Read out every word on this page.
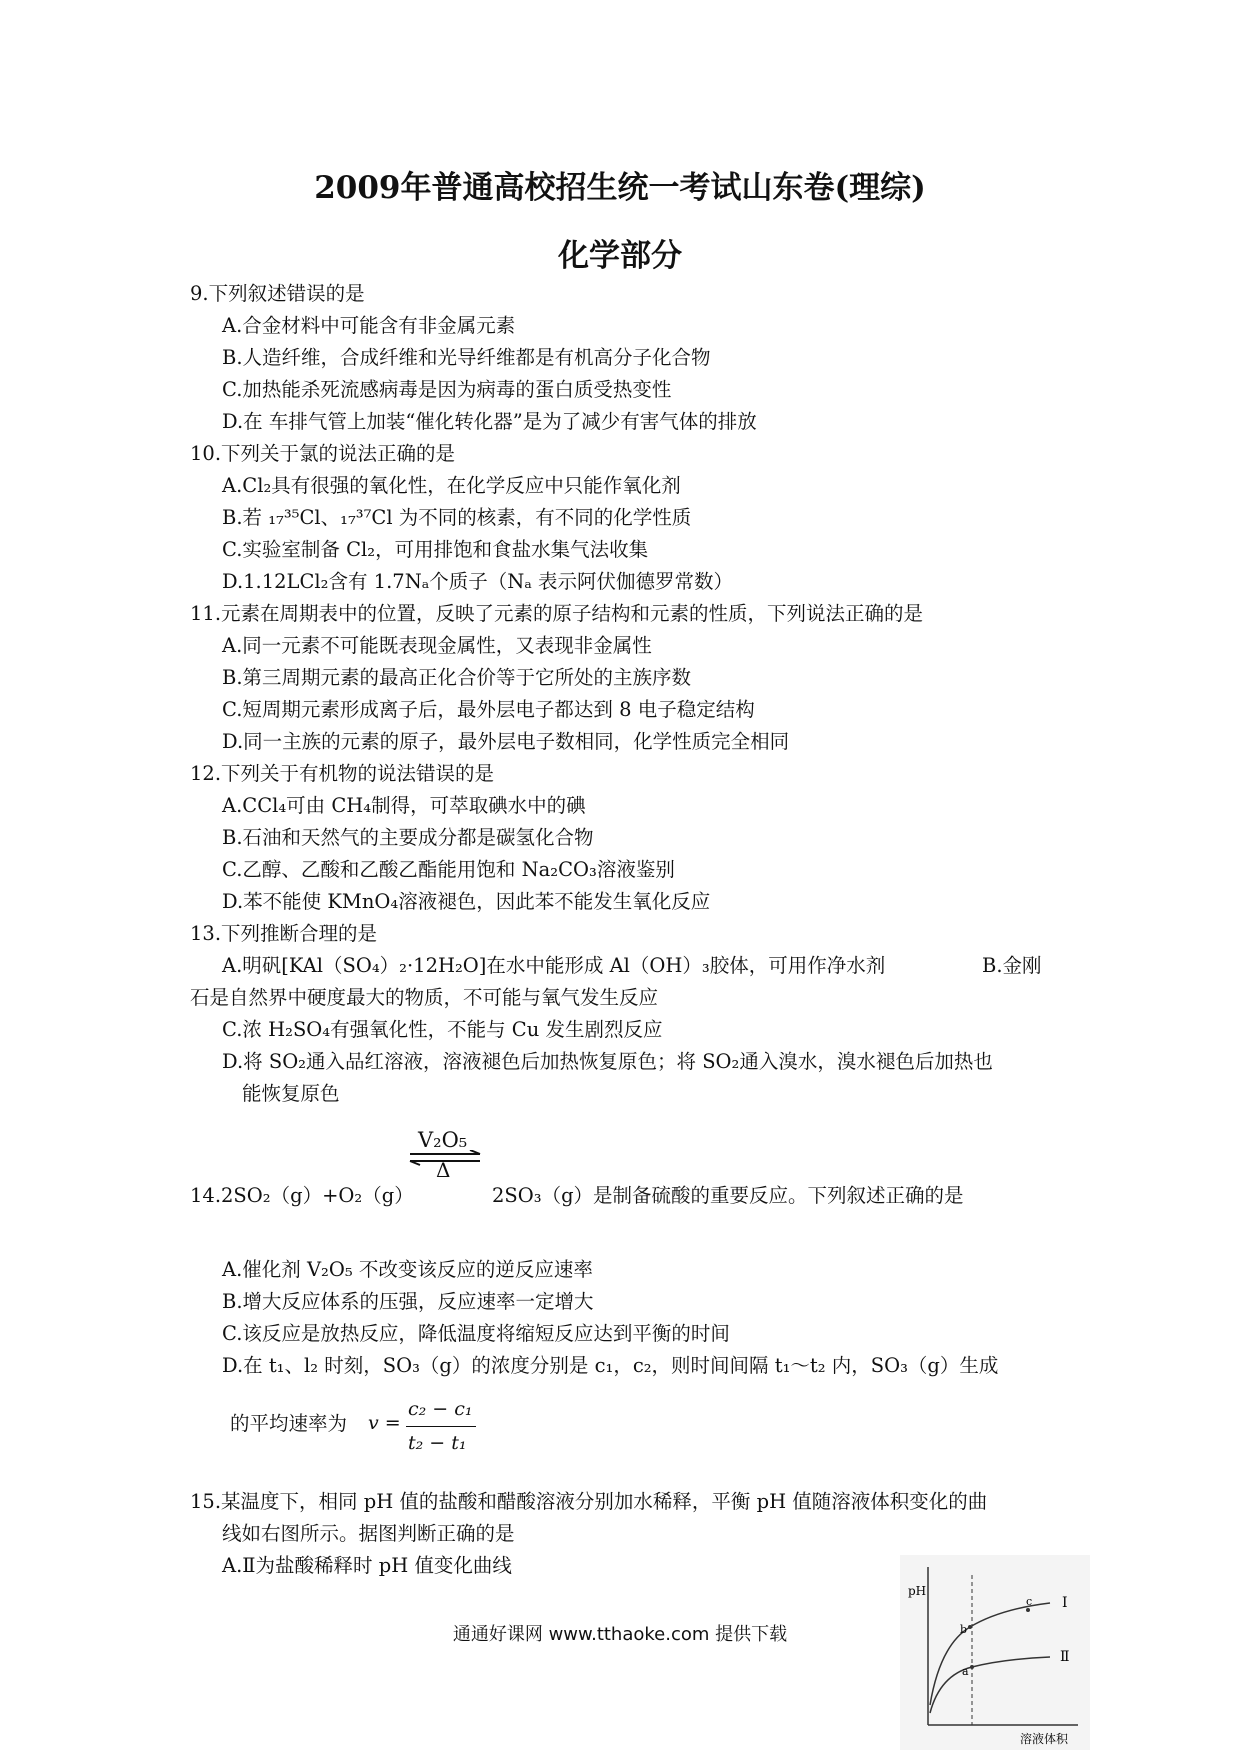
2009年普通高校招生统一考试山东卷(理综)
化学部分
9.下列叙述错误的是
A.合金材料中可能含有非金属元素
B.人造纤维，合成纤维和光导纤维都是有机高分子化合物
C.加热能杀死流感病毒是因为病毒的蛋白质受热变性
D.在 车排气管上加装“催化转化器”是为了减少有害气体的排放
10.下列关于氯的说法正确的是
A.Cl₂具有很强的氧化性，在化学反应中只能作氧化剂
B.若 ₁₇³⁵Cl、₁₇³⁷Cl 为不同的核素，有不同的化学性质
C.实验室制备 Cl₂，可用排饱和食盐水集气法收集
D.1.12LCl₂含有 1.7Nₐ个质子（Nₐ 表示阿伏伽德罗常数）
11.元素在周期表中的位置，反映了元素的原子结构和元素的性质，下列说法正确的是
A.同一元素不可能既表现金属性，又表现非金属性
B.第三周期元素的最高正化合价等于它所处的主族序数
C.短周期元素形成离子后，最外层电子都达到 8 电子稳定结构
D.同一主族的元素的原子，最外层电子数相同，化学性质完全相同
12.下列关于有机物的说法错误的是
A.CCl₄可由 CH₄制得，可萃取碘水中的碘
B.石油和天然气的主要成分都是碳氢化合物
C.乙醇、乙酸和乙酸乙酯能用饱和 Na₂CO₃溶液鉴别
D.苯不能使 KMnO₄溶液褪色，因此苯不能发生氧化反应
13.下列推断合理的是
A.明矾[KAl（SO₄）₂·12H₂O]在水中能形成 Al（OH）₃胶体，可用作净水剂	B.金刚
石是自然界中硬度最大的物质，不可能与氧气发生反应
C.浓 H₂SO₄有强氧化性，不能与 Cu 发生剧烈反应
D.将 SO₂通入品红溶液，溶液褪色后加热恢复原色；将 SO₂通入溴水，溴水褪色后加热也
能恢复原色
V₂O₅
Δ
14.2SO₂（g）+O₂（g）	2SO₃（g）是制备硫酸的重要反应。下列叙述正确的是
A.催化剂 V₂O₅ 不改变该反应的逆反应速率
B.增大反应体系的压强，反应速率一定增大
C.该反应是放热反应，降低温度将缩短反应达到平衡的时间
D.在 t₁、l₂ 时刻，SO₃（g）的浓度分别是 c₁，c₂，则时间间隔 t₁～t₂ 内，SO₃（g）生成
的平均速率为 v =
c₂ − c₁
t₂ − t₁
15.某温度下，相同 pH 值的盐酸和醋酸溶液分别加水稀释，平衡 pH 值随溶液体积变化的曲
线如右图所示。据图判断正确的是
A.Ⅱ为盐酸稀释时 pH 值变化曲线
pH
Ⅰ
Ⅱ
a
b
c
溶液体积
通通好课网 www.tthaoke.com 提供下载
